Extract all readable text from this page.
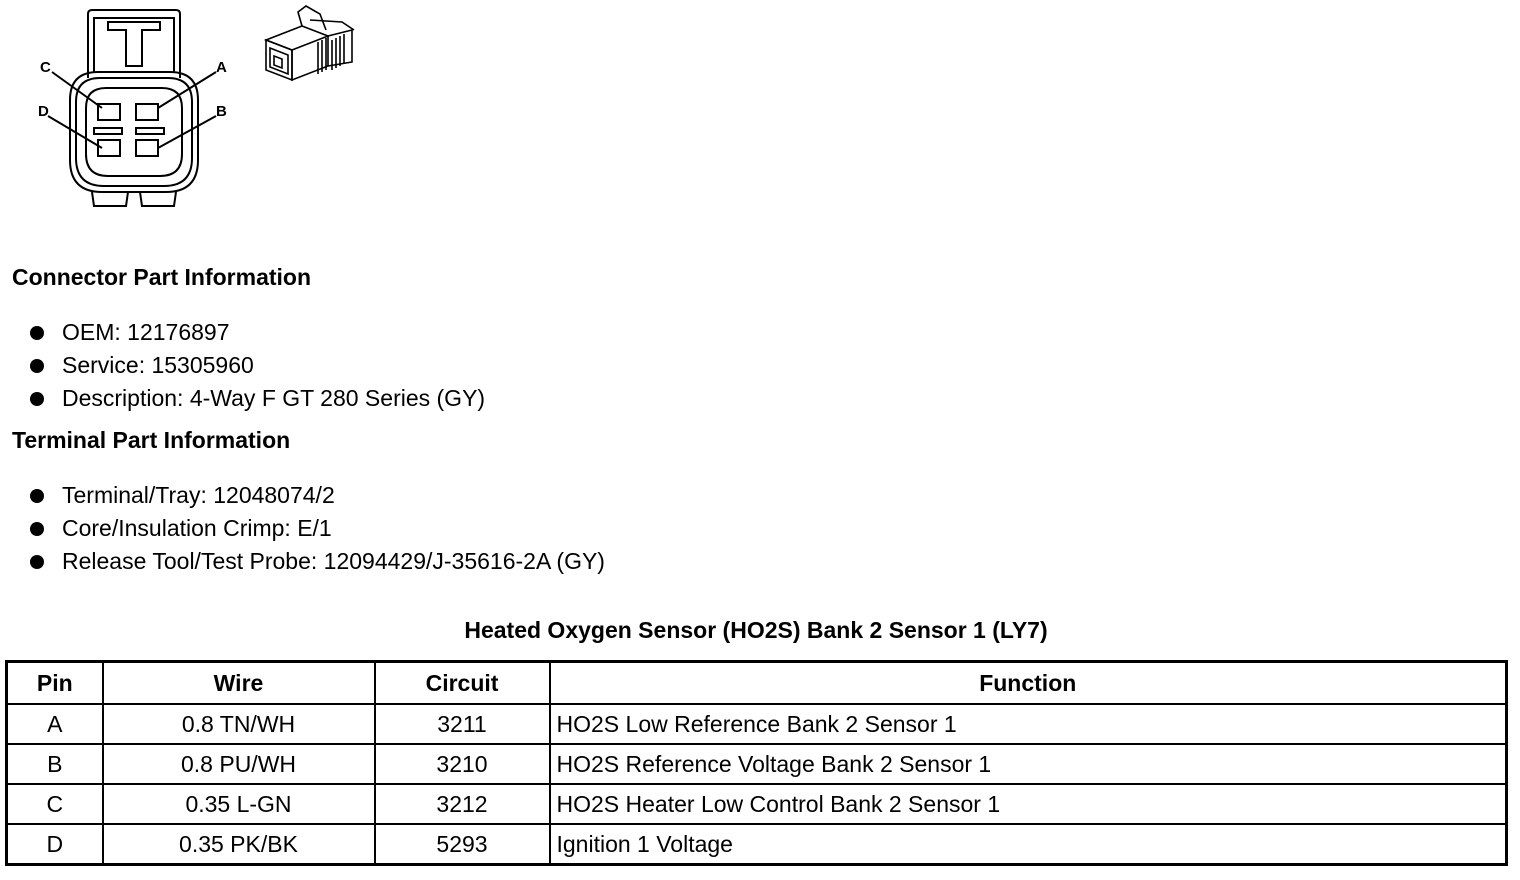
C	A
D	B
Connector Part Information
OEM: 12176897
Service: 15305960
Description: 4-Way F GT 280 Series (GY)
Terminal Part Information
Terminal/Tray: 12048074/2
Core/Insulation Crimp: E/1
Release Tool/Test Probe: 12094429/J-35616-2A (GY)
Heated Oxygen Sensor (HO2S) Bank 2 Sensor 1 (LY7)
Pin	Wire	Circuit	Function
A	0.8 TN/WH	3211	HO2S Low Reference Bank 2 Sensor 1
B	0.8 PU/WH	3210	HO2S Reference Voltage Bank 2 Sensor 1
C	0.35 L-GN	3212	HO2S Heater Low Control Bank 2 Sensor 1
D	0.35 PK/BK	5293	Ignition 1 Voltage
